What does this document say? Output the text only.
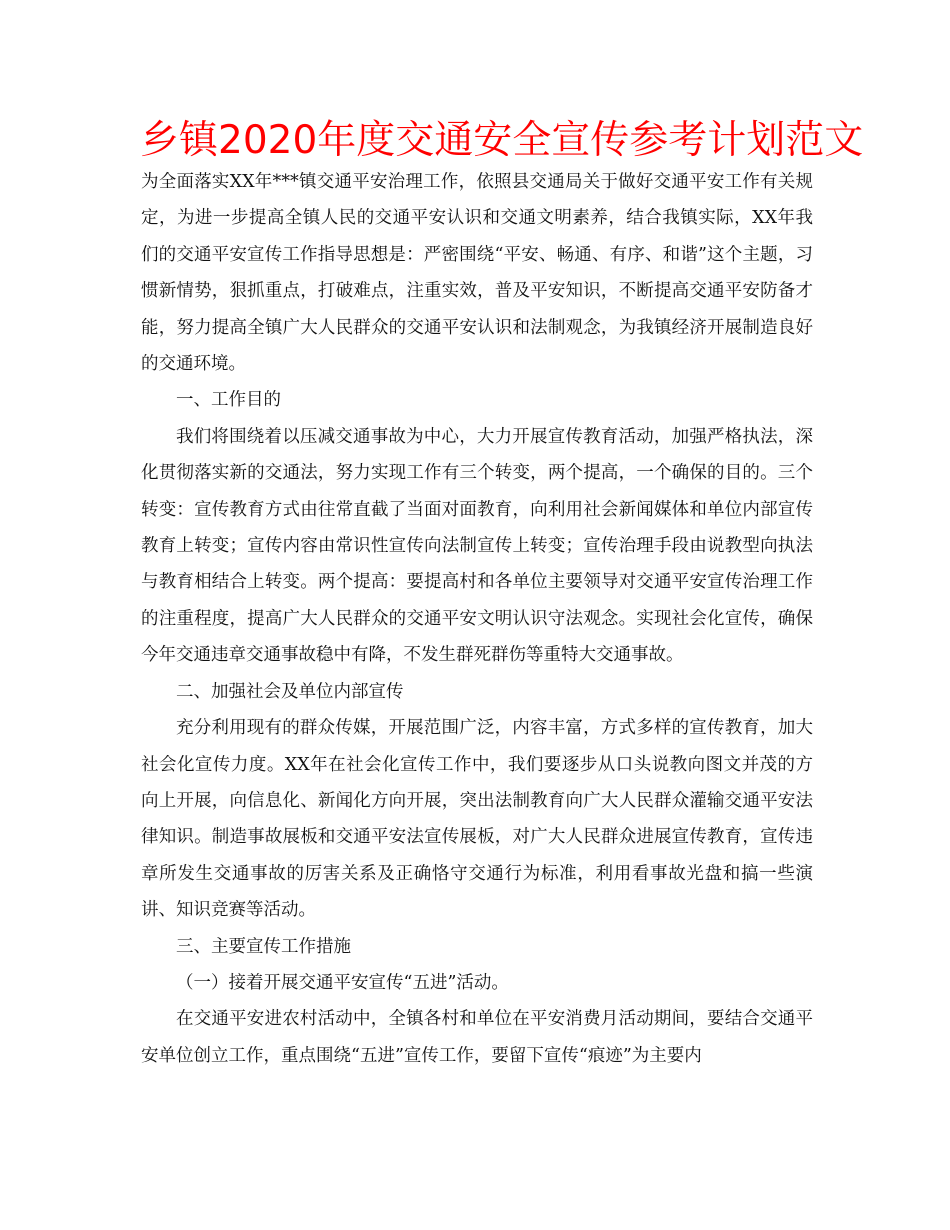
乡镇2020年度交通安全宣传参考计划范文

为全面落实XX年***镇交通平安治理工作，依照县交通局关于做好交通平安工作有关规定，为进一步提高全镇人民的交通平安认识和交通文明素养，结合我镇实际，XX年我们的交通平安宣传工作指导思想是：严密围绕“平安、畅通、有序、和谐”这个主题，习惯新情势，狠抓重点，打破难点，注重实效，普及平安知识，不断提高交通平安防备才能，努力提高全镇广大人民群众的交通平安认识和法制观念，为我镇经济开展制造良好的交通环境。

一、工作目的

我们将围绕着以压减交通事故为中心，大力开展宣传教育活动，加强严格执法，深化贯彻落实新的交通法，努力实现工作有三个转变，两个提高，一个确保的目的。三个转变：宣传教育方式由往常直截了当面对面教育，向利用社会新闻媒体和单位内部宣传教育上转变；宣传内容由常识性宣传向法制宣传上转变；宣传治理手段由说教型向执法与教育相结合上转变。两个提高：要提高村和各单位主要领导对交通平安宣传治理工作的注重程度，提高广大人民群众的交通平安文明认识守法观念。实现社会化宣传，确保今年交通违章交通事故稳中有降，不发生群死群伤等重特大交通事故。

二、加强社会及单位内部宣传

充分利用现有的群众传媒，开展范围广泛，内容丰富，方式多样的宣传教育，加大社会化宣传力度。XX年在社会化宣传工作中，我们要逐步从口头说教向图文并茂的方向上开展，向信息化、新闻化方向开展，突出法制教育向广大人民群众灌输交通平安法律知识。制造事故展板和交通平安法宣传展板，对广大人民群众进展宣传教育，宣传违章所发生交通事故的厉害关系及正确恪守交通行为标准，利用看事故光盘和搞一些演讲、知识竞赛等活动。

三、主要宣传工作措施

（一）接着开展交通平安宣传“五进”活动。

在交通平安进农村活动中，全镇各村和单位在平安消费月活动期间，要结合交通平安单位创立工作，重点围绕“五进”宣传工作，要留下宣传“痕迹”为主要内
